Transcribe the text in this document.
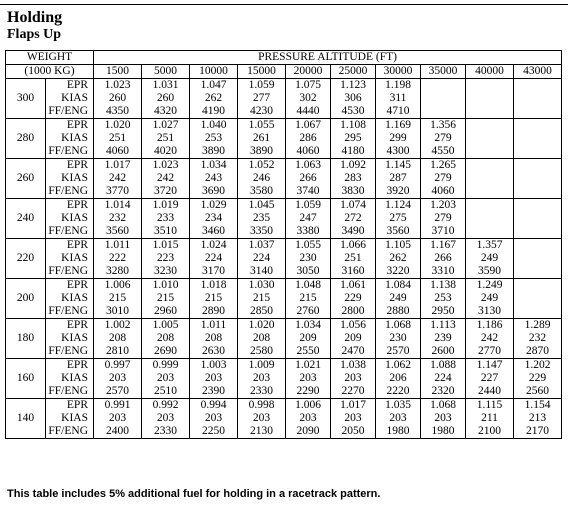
Holding
Flaps Up
WEIGHT		PRESSURE ALTITUDE (FT)									
(1000 KG)		1500	5000	10000	15000	20000	25000	30000	35000	40000	43000
300	EPR	1.023	1.031	1.047	1.059	1.075	1.123	1.198			
	KIAS	260	260	262	277	302	306	311			
	FF/ENG	4350	4320	4190	4230	4440	4530	4710			
280	EPR	1.020	1.027	1.040	1.055	1.067	1.108	1.169	1.356		
	KIAS	251	251	253	261	286	295	299	279		
	FF/ENG	4060	4020	3890	3890	4060	4180	4300	4550		
260	EPR	1.017	1.023	1.034	1.052	1.063	1.092	1.145	1.265		
	KIAS	242	242	243	246	266	283	287	279		
	FF/ENG	3770	3720	3690	3580	3740	3830	3920	4060		
240	EPR	1.014	1.019	1.029	1.045	1.059	1.074	1.124	1.203		
	KIAS	232	233	234	235	247	272	275	279		
	FF/ENG	3560	3510	3460	3350	3380	3490	3560	3710		
220	EPR	1.011	1.015	1.024	1.037	1.055	1.066	1.105	1.167	1.357	
	KIAS	222	223	224	224	230	251	262	266	249	
	FF/ENG	3280	3230	3170	3140	3050	3160	3220	3310	3590	
200	EPR	1.006	1.010	1.018	1.030	1.048	1.061	1.084	1.138	1.249	
	KIAS	215	215	215	215	215	229	249	253	249	
	FF/ENG	3010	2960	2890	2850	2760	2800	2880	2950	3130	
180	EPR	1.002	1.005	1.011	1.020	1.034	1.056	1.068	1.113	1.186	1.289
	KIAS	208	208	208	208	209	209	230	239	242	232
	FF/ENG	2810	2690	2630	2580	2550	2470	2570	2600	2770	2870
160	EPR	0.997	0.999	1.003	1.009	1.021	1.038	1.062	1.088	1.147	1.202
	KIAS	203	203	203	203	203	203	206	224	227	229
	FF/ENG	2570	2510	2390	2330	2290	2270	2220	2320	2440	2560
140	EPR	0.991	0.992	0.994	0.998	1.006	1.017	1.035	1.068	1.115	1.154
	KIAS	203	203	203	203	203	203	203	203	211	213
	FF/ENG	2400	2330	2250	2130	2090	2050	1980	1980	2100	2170
This table includes 5% additional fuel for holding in a racetrack pattern.
